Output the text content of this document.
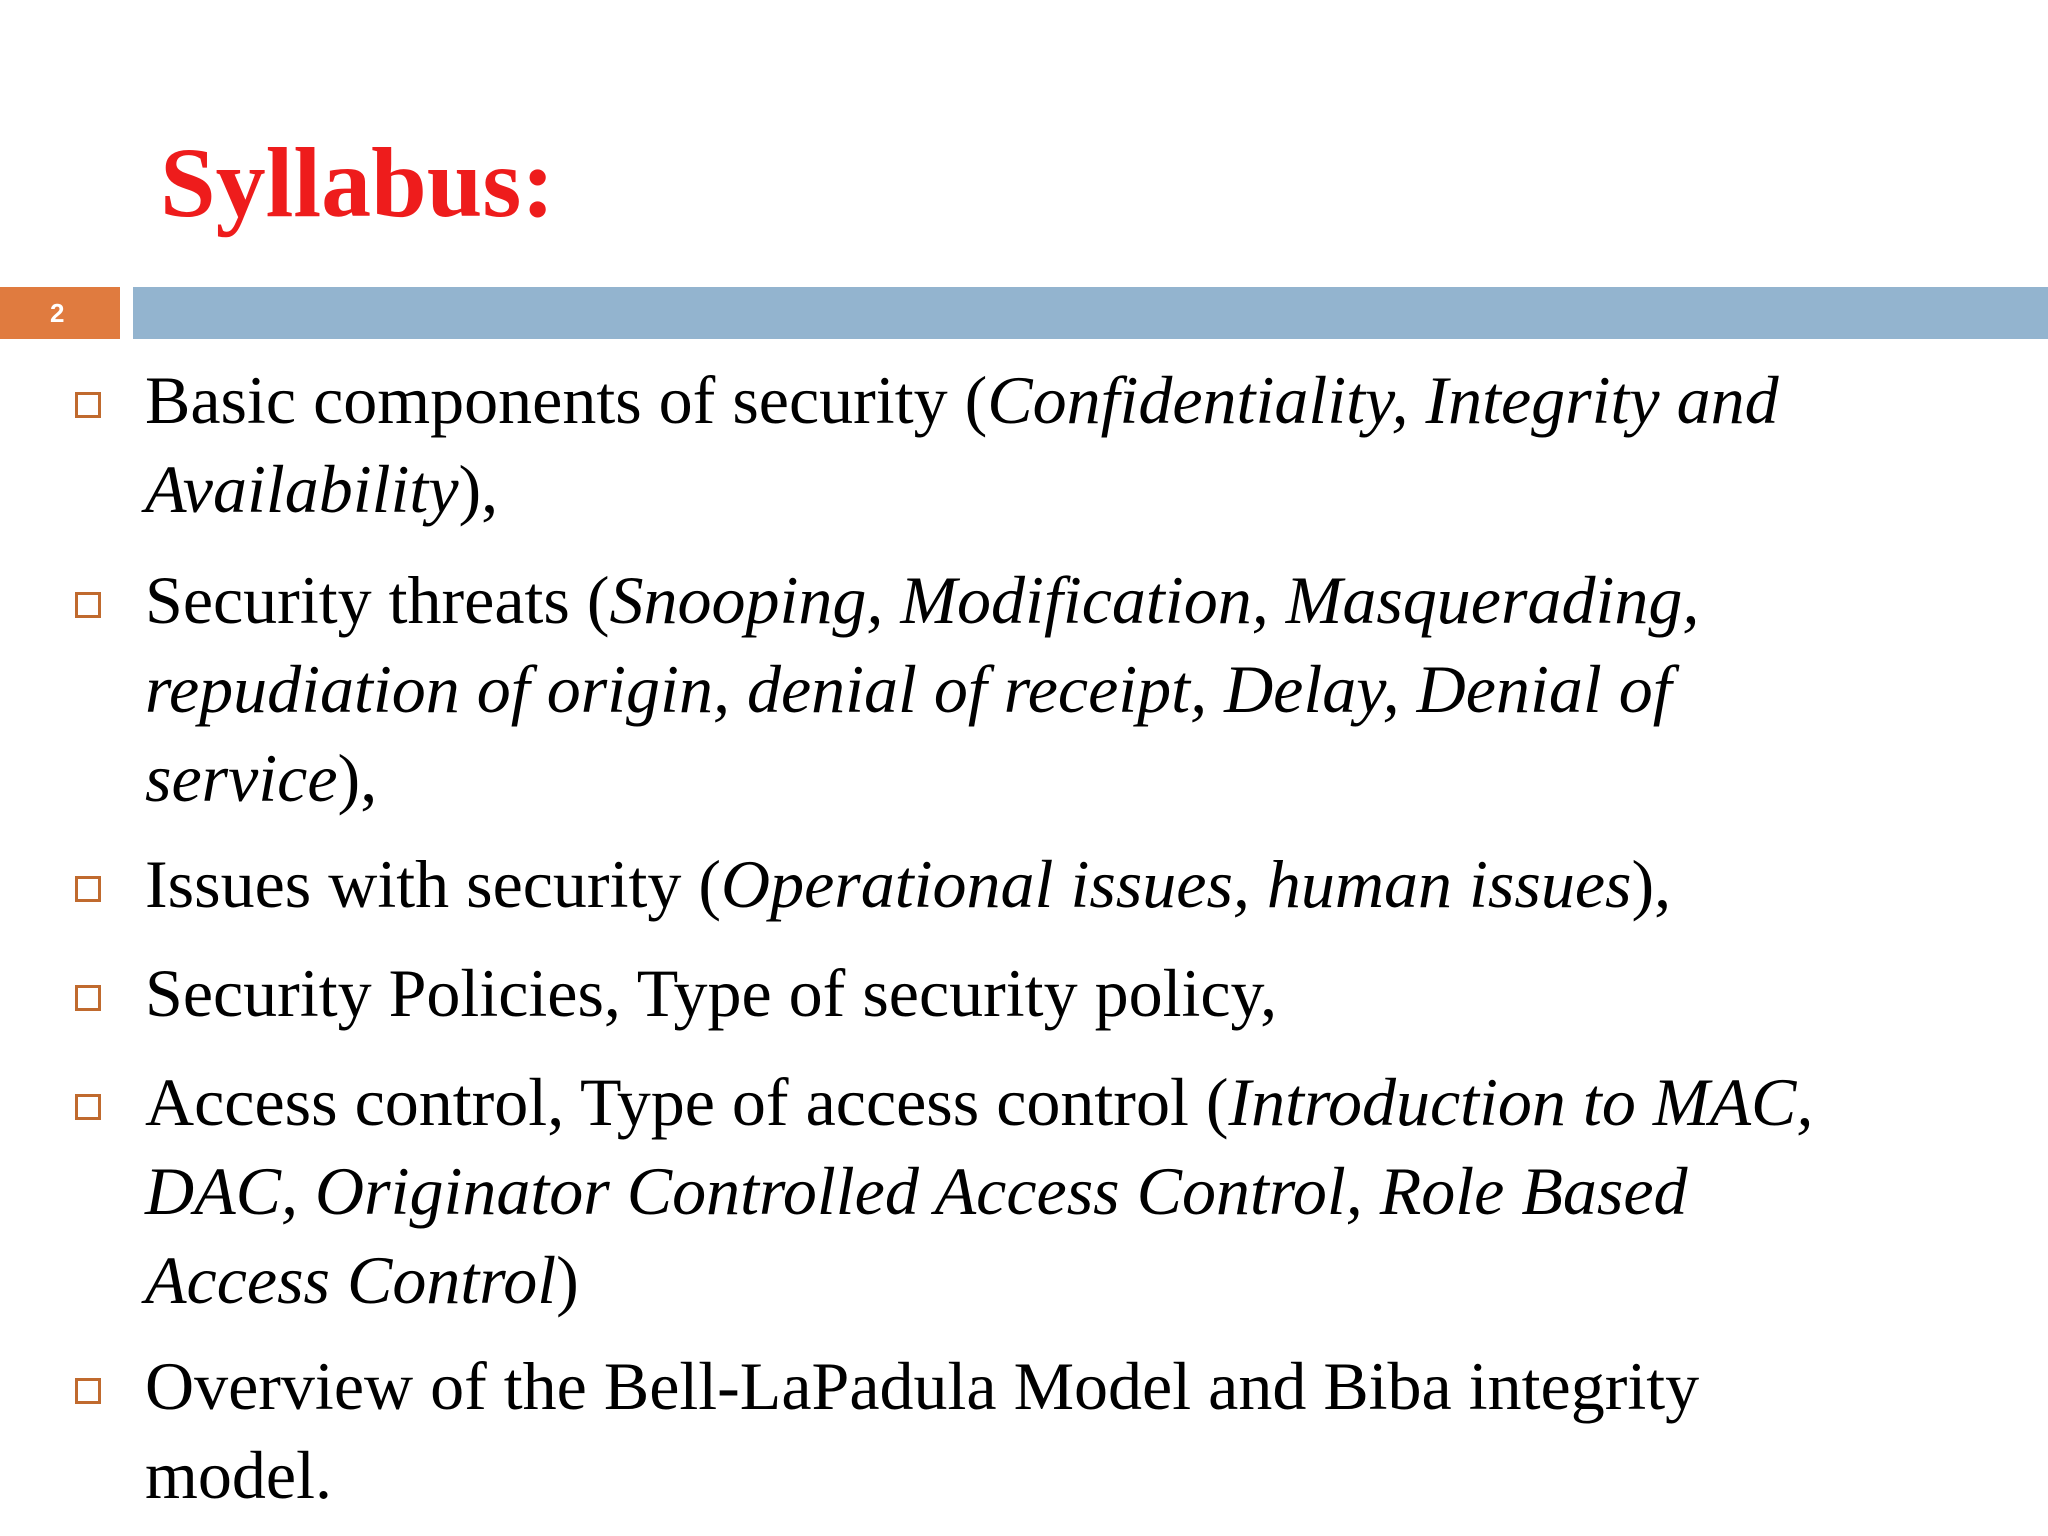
Syllabus:
2
Basic components of security (Confidentiality, Integrity and
Availability),
Security threats (Snooping, Modification, Masquerading,
repudiation of origin, denial of receipt, Delay, Denial of
service),
Issues with security (Operational issues, human issues),
Security Policies, Type of security policy,
Access control, Type of access control (Introduction to MAC,
DAC, Originator Controlled Access Control, Role Based
Access Control)
Overview of the Bell-LaPadula Model and Biba integrity
model.
